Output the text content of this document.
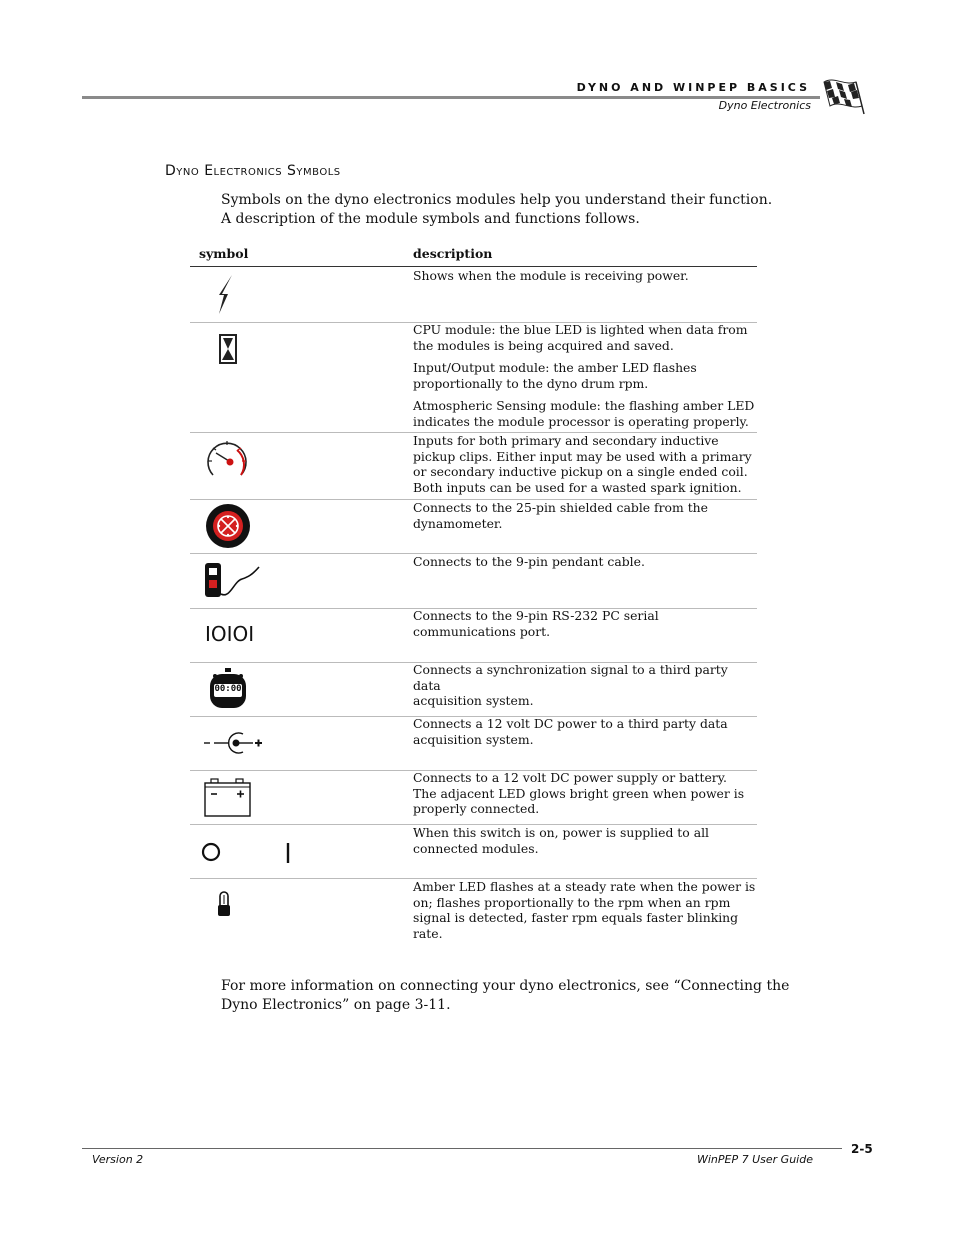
DYNO AND WINPEP BASICS
Dyno Electronics
Dyno Electronics Symbols
Symbols on the dyno electronics modules help you understand their function.
A description of the module symbols and functions follows.
symbol	description

Shows when the module is receiving power.

CPU module: the blue LED is lighted when data from

the modules is being acquired and saved.

Input/Output module: the amber LED flashes

proportionally to the dyno drum rpm.

Atmospheric Sensing module: the flashing amber LED

indicates the module processor is operating properly.

Inputs for both primary and secondary inductive

pickup clips. Either input may be used with a primary

or secondary inductive pickup on a single ended coil.

Both inputs can be used for a wasted spark ignition.

Connects to the 25-pin shielded cable from the

dynamometer.

Connects to the 9-pin pendant cable.

IOIOI

Connects to the 9-pin RS-232 PC serial

communications port.

00:00

Connects a synchronization signal to a third party data

acquisition system.

Connects a 12 volt DC power to a third party data

acquisition system.

Connects to a 12 volt DC power supply or battery.

The adjacent LED glows bright green when power is

properly connected.

When this switch is on, power is supplied to all

connected modules.

Amber LED flashes at a steady rate when the power is

on; flashes proportionally to the rpm when an rpm

signal is detected, faster rpm equals faster blinking

rate.

For more information on connecting your dyno electronics, see “Connecting the
Dyno Electronics” on page 3-11.
2-5
Version 2	WinPEP 7 User Guide
